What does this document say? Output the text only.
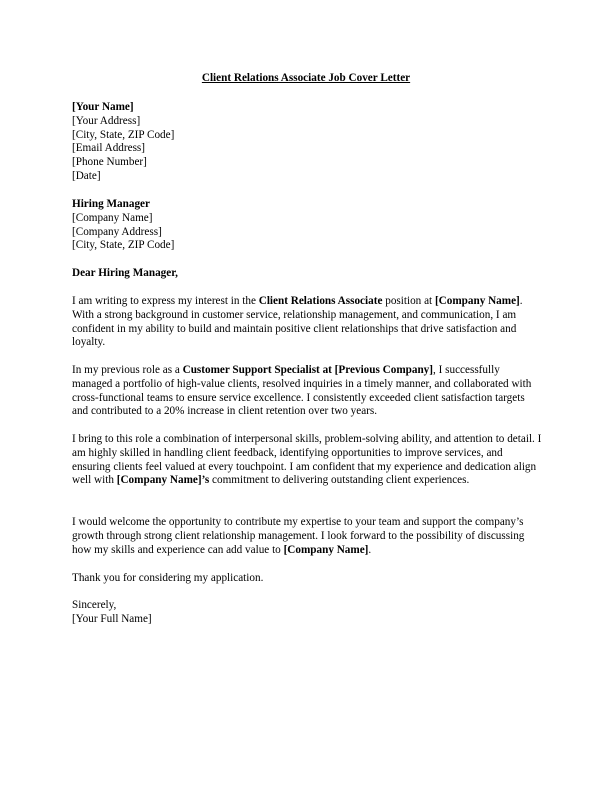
Client Relations Associate Job Cover Letter
[Your Name]
[Your Address]
[City, State, ZIP Code]
[Email Address]
[Phone Number]
[Date]
Hiring Manager
[Company Name]
[Company Address]
[City, State, ZIP Code]
Dear Hiring Manager,

I am writing to express my interest in the Client Relations Associate position at [Company Name]. With a strong background in customer service, relationship management, and communication, I am confident in my ability to build and maintain positive client relationships that drive satisfaction and loyalty.

In my previous role as a Customer Support Specialist at [Previous Company], I successfully managed a portfolio of high-value clients, resolved inquiries in a timely manner, and collaborated with cross-functional teams to ensure service excellence. I consistently exceeded client satisfaction targets and contributed to a 20% increase in client retention over two years.

I bring to this role a combination of interpersonal skills, problem-solving ability, and attention to detail. I am highly skilled in handling client feedback, identifying opportunities to improve services, and ensuring clients feel valued at every touchpoint. I am confident that my experience and dedication align well with [Company Name]’s commitment to delivering outstanding client experiences.

I would welcome the opportunity to contribute my expertise to your team and support the company’s growth through strong client relationship management. I look forward to the possibility of discussing how my skills and experience can add value to [Company Name].

Thank you for considering my application.
Sincerely,
[Your Full Name]
